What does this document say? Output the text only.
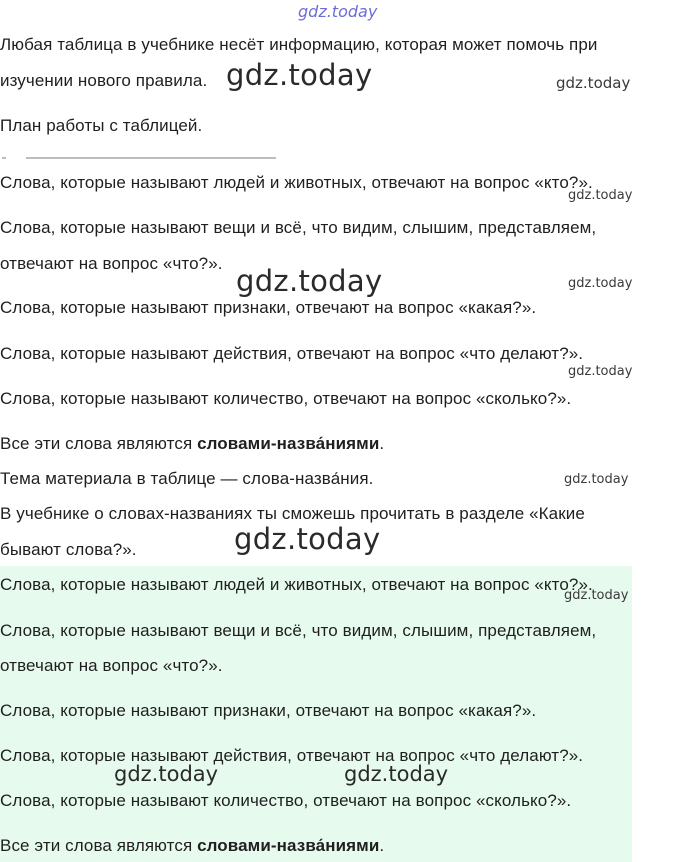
gdz.today
gdz.today	gdz.today
gdz.today
gdz.today	gdz.today
gdz.today
gdz.today
gdz.today
gdz.today
gdz.today	gdz.today
Любая таблица в учебнике несёт информацию, которая может помочь при
изучении нового правила.
План работы с таблицей.
Слова, которые называют людей и животных, отвечают на вопрос «кто?».
Слова, которые называют вещи и всё, что видим, слышим, представляем,
отвечают на вопрос «что?».
Слова, которые называют признаки, отвечают на вопрос «какая?».
Слова, которые называют действия, отвечают на вопрос «что делают?».
Слова, которые называют количество, отвечают на вопрос «сколько?».
Все эти слова являются словами-назва́ниями.
Тема материала в таблице — слова-назва́ния.
В учебнике о словах-названиях ты сможешь прочитать в разделе «Какие
бывают слова?».
Слова, которые называют людей и животных, отвечают на вопрос «кто?».
Слова, которые называют вещи и всё, что видим, слышим, представляем,
отвечают на вопрос «что?».
Слова, которые называют признаки, отвечают на вопрос «какая?».
Слова, которые называют действия, отвечают на вопрос «что делают?».
Слова, которые называют количество, отвечают на вопрос «сколько?».
Все эти слова являются словами-назва́ниями.
